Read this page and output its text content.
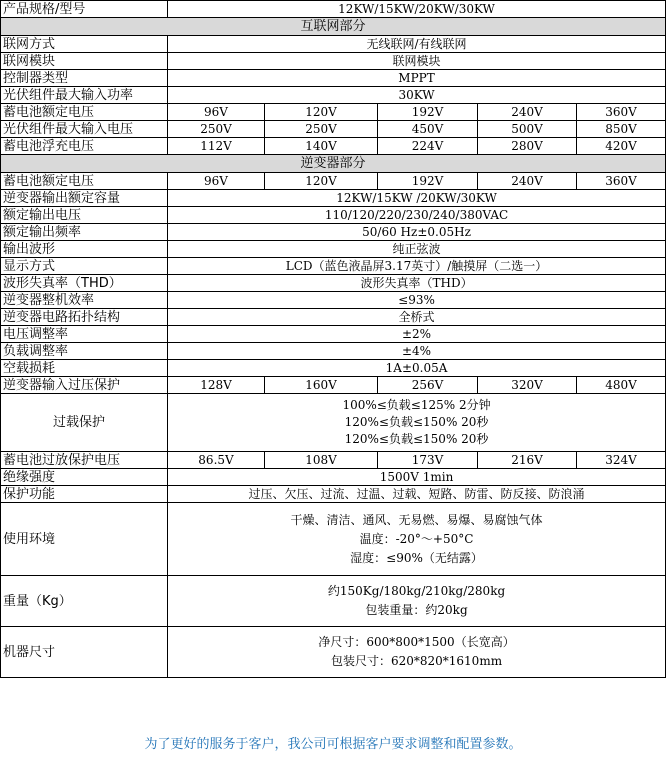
产品规格/型号	12KW/15KW/20KW/30KW				
互联网部分					
联网方式	无线联网/有线联网				
联网模块	联网模块				
控制器类型	MPPT				
光伏组件最大输入功率	30KW				
蓄电池额定电压	96V	120V	192V	240V	360V
光伏组件最大输入电压	250V	250V	450V	500V	850V
蓄电池浮充电压	112V	140V	224V	280V	420V
逆变器部分					
蓄电池额定电压	96V	120V	192V	240V	360V
逆变器输出额定容量	12KW/15KW /20KW/30KW				
额定输出电压	110/120/220/230/240/380VAC				
额定输出频率	50/60 Hz±0.05Hz				
输出波形	纯正弦波				
显示方式	LCD（蓝色液晶屏3.17英寸）/触摸屏（二选一）				
波形失真率（THD）	波形失真率（THD）				
逆变器整机效率	≤93%				
逆变器电路拓扑结构	全桥式				
电压调整率	±2%				
负载调整率	±4%				
空载损耗	1A±0.05A				
逆变器输入过压保护	128V	160V	256V	320V	480V
过载保护	100%≤负载≤125% 2分钟
120%≤负载≤150% 20秒
120%≤负载≤150% 20秒				

蓄电池过放保护电压	86.5V	108V	173V	216V	324V
绝缘强度	1500V 1min				
保护功能	过压、欠压、过流、过温、过载、短路、防雷、防反接、防浪涌				
使用环境	干燥、清洁、通风、无易燃、易爆、易腐蚀气体
温度：-20°～+50°C
湿度：≤90%（无结露）				

重量（Kg）	约150Kg/180kg/210kg/280kg
包装重量：约20kg				

机器尺寸	净尺寸：600*800*1500（长宽高）
包装尺寸：620*820*1610mm				
为了更好的服务于客户，我公司可根据客户要求调整和配置参数。
